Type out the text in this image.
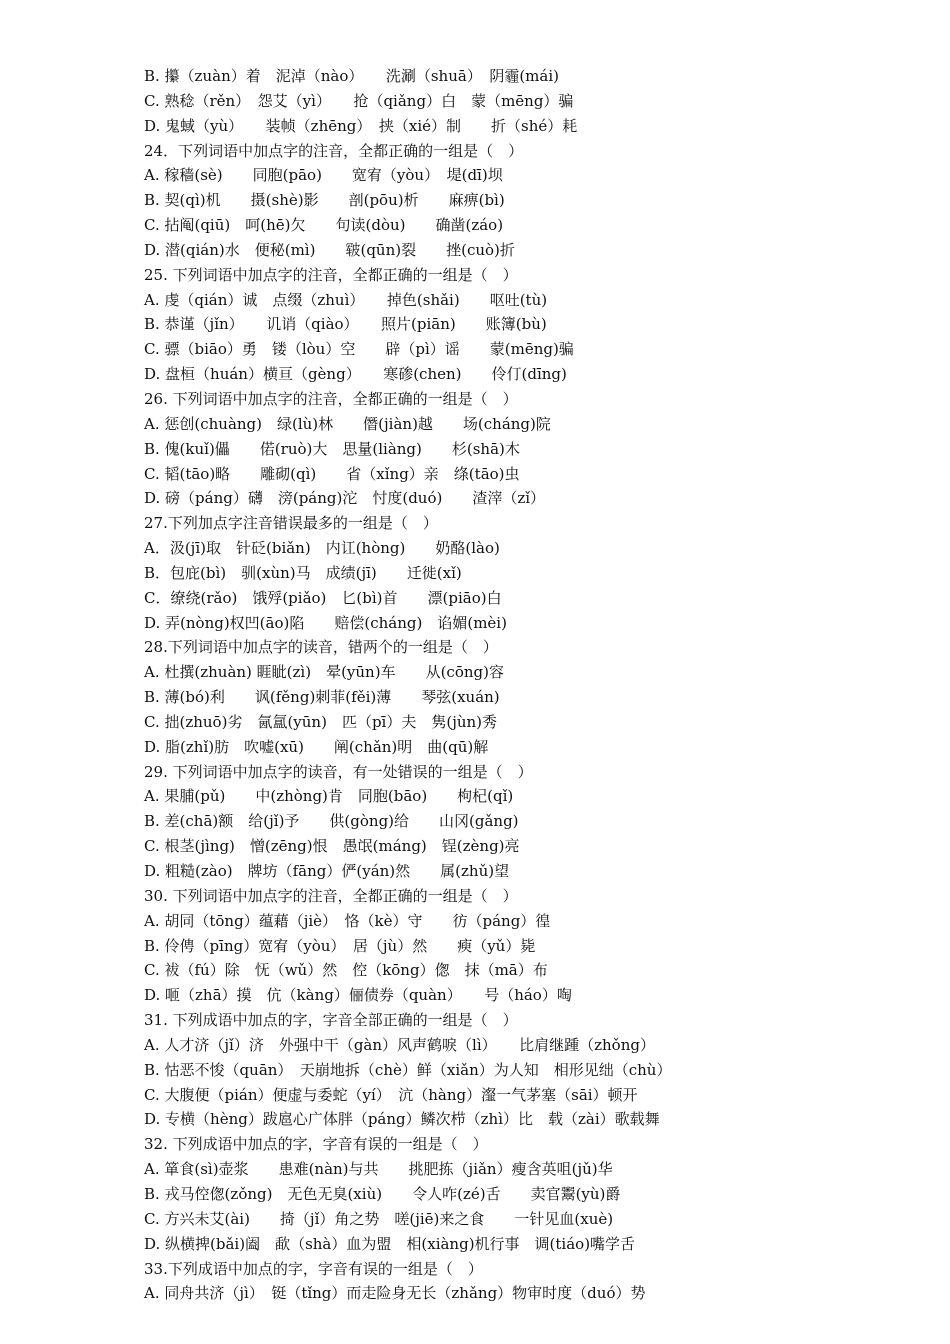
B. 攥（zuàn）着　泥淖（nào）　　洗涮（shuā）　阴霾(mái)
C. 熟稔（rěn）　怨艾（yì）　　抢（qiǎng）白　蒙（mēng）骗
D. 鬼蜮（yù）　　装帧（zhēng）　挟（xié）制　　折（shé）耗
24．下列词语中加点字的注音，全都正确的一组是（　）
A. 稼穑(sè)　　同胞(pāo)　　宽宥（yòu）　堤(dī)坝
B. 契(qì)机　　摄(shè)影　　剖(pōu)析　　麻痹(bì)
C. 拈阄(qiū)　呵(hē)欠　　句读(dòu)　　确凿(záo)
D. 潜(qián)水　便秘(mì)　　皲(qūn)裂　　挫(cuò)折
25. 下列词语中加点字的注音，全都正确的一组是（　）
A. 虔（qián）诚　点缀（zhuì）　　掉色(shǎi)　　呕吐(tù)
B. 恭谨（jǐn）　　讥诮（qiào）　　照片(piān)　　账簿(bù)
C. 骠（biāo）勇　镂（lòu）空　　辟（pì）谣　　蒙(mēng)骗
D. 盘桓（huán）横亘（gèng）　　寒碜(chen)　　伶仃(dīng)
26. 下列词语中加点字的注音，全都正确的一组是（　）
A. 惩创(chuàng)　绿(lù)林　　僭(jiàn)越　　场(cháng)院
B. 傀(kuǐ)儡　　偌(ruò)大　思量(liàng)　　杉(shā)木
C. 韬(tāo)略　　雕砌(qì)　　省（xǐng）亲　绦(tāo)虫
D. 磅（páng）礴　滂(páng)沱　忖度(duó)　　渣滓（zǐ）
27.下列加点字注音错误最多的一组是（　）
A．汲(jī)取　针砭(biǎn)　内讧(hòng)　　奶酪(lào)
B．包庇(bì)　驯(xùn)马　成绩(jī)　　迁徙(xǐ)
C．缭绕(rǎo)　饿殍(piǎo)　匕(bì)首　　漂(piāo)白
D. 弄(nòng)权凹(āo)陷　　赔偿(cháng)　谄媚(mèi)
28.下列词语中加点字的读音，错两个的一组是（　）
A. 杜撰(zhuàn) 睚眦(zì)　晕(yūn)车　　从(cōng)容
B. 薄(bó)利　　讽(fěng)刺菲(fěi)薄　　琴弦(xuán)
C. 拙(zhuō)劣　氤氲(yūn)　匹（pī）夫　隽(jùn)秀
D. 脂(zhǐ)肪　吹嘘(xū)　　阐(chǎn)明　曲(qū)解
29. 下列词语中加点字的读音，有一处错误的一组是（　）
A. 果脯(pǔ)　　中(zhòng)肯　同胞(bāo)　　枸杞(qǐ)
B. 差(chā)额　给(jǐ)予　　供(gòng)给　　山冈(gǎng)
C. 根茎(jìng)　憎(zēng)恨　愚氓(máng)　锃(zèng)亮
D. 粗糙(zào)　牌坊（fāng）俨(yán)然　　属(zhǔ)望
30. 下列词语中加点字的注音，全都正确的一组是（　）
A. 胡同（tōng）蕴藉（jiè）　恪（kè）守　　彷（páng）徨
B. 伶俜（pīng）宽宥（yòu）　居（jù）然　　瘐（yǔ）毙
C. 袚（fú）除　怃（wǔ）然　倥（kōng）偬　抹（mā）布
D. 咂（zhā）摸　伉（kàng）俪债券（quàn）　　号（háo）啕
31. 下列成语中加点的字，字音全部正确的一组是（　）
A. 人才济（jǐ）济　外强中干（gàn）风声鹤唳（lì）　　比肩继踵（zhǒng）
B. 怙恶不悛（quān）　天崩地拆（chè）鲜（xiǎn）为人知　相形见绌（chù）
C. 大腹便（pián）便虚与委蛇（yí）　沆（hàng）瀣一气茅塞（sāi）顿开
D. 专横（hèng）跋扈心广体胖（páng）鳞次栉（zhì）比　载（zài）歌载舞
32. 下列成语中加点的字，字音有误的一组是（　）
A. 箪食(sì)壶浆　　患难(nàn)与共　　挑肥拣（jiǎn）瘦含英咀(jǔ)华
B. 戎马倥偬(zǒng)　无色无臭(xiù)　　令人咋(zé)舌　　卖官鬻(yù)爵
C. 方兴未艾(ài)　　掎（jǐ）角之势　嗟(jiē)来之食　　一针见血(xuè)
D. 纵横捭(bǎi)阖　歃（shà）血为盟　相(xiàng)机行事　调(tiáo)嘴学舌
33.下列成语中加点的字，字音有误的一组是（　）
A. 同舟共济（jì）　铤（tǐng）而走险身无长（zhǎng）物审时度（duó）势
